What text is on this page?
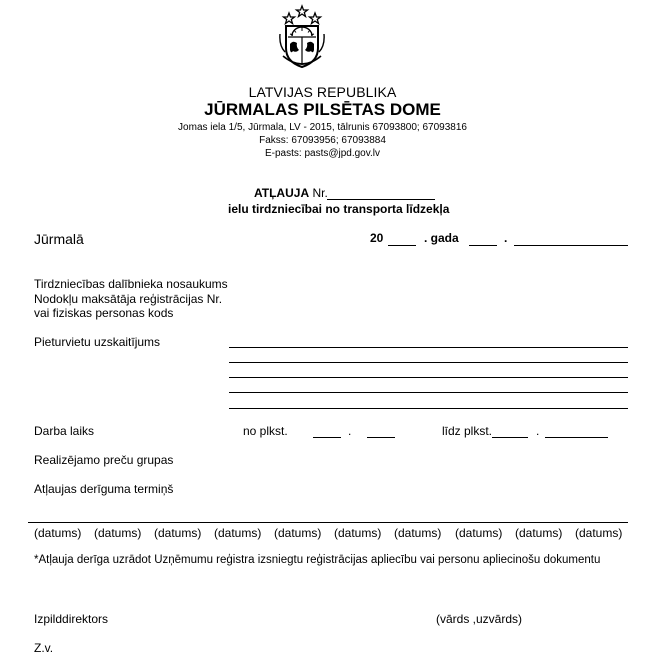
LATVIJAS REPUBLIKA
JŪRMALAS PILSĒTAS DOME
Jomas iela 1/5, Jūrmala, LV - 2015, tālrunis 67093800; 67093816
Fakss: 67093956; 67093884
E-pasts: pasts@jpd.gov.lv
ATĻAUJA Nr.
ielu tirdzniecībai no transporta līdzekļa
Jūrmalā	20	. gada	.
Tirdzniecības dalībnieka nosaukums
Nodokļu maksātāja reģistrācijas Nr.
vai fiziskas personas kods
Pieturvietu uzskaitījums
Darba laiks	no plkst.	.	līdz plkst.	.
Realizējamo preču grupas
Atļaujas derīguma termiņš
(datums) (datums) (datums) (datums) (datums) (datums) (datums) (datums) (datums) (datums)
*Atļauja derīga uzrādot Uzņēmumu reģistra izsniegtu reģistrācijas apliecību vai personu apliecinošu dokumentu
Izpilddirektors	(vārds ,uzvārds)
Z.v.
